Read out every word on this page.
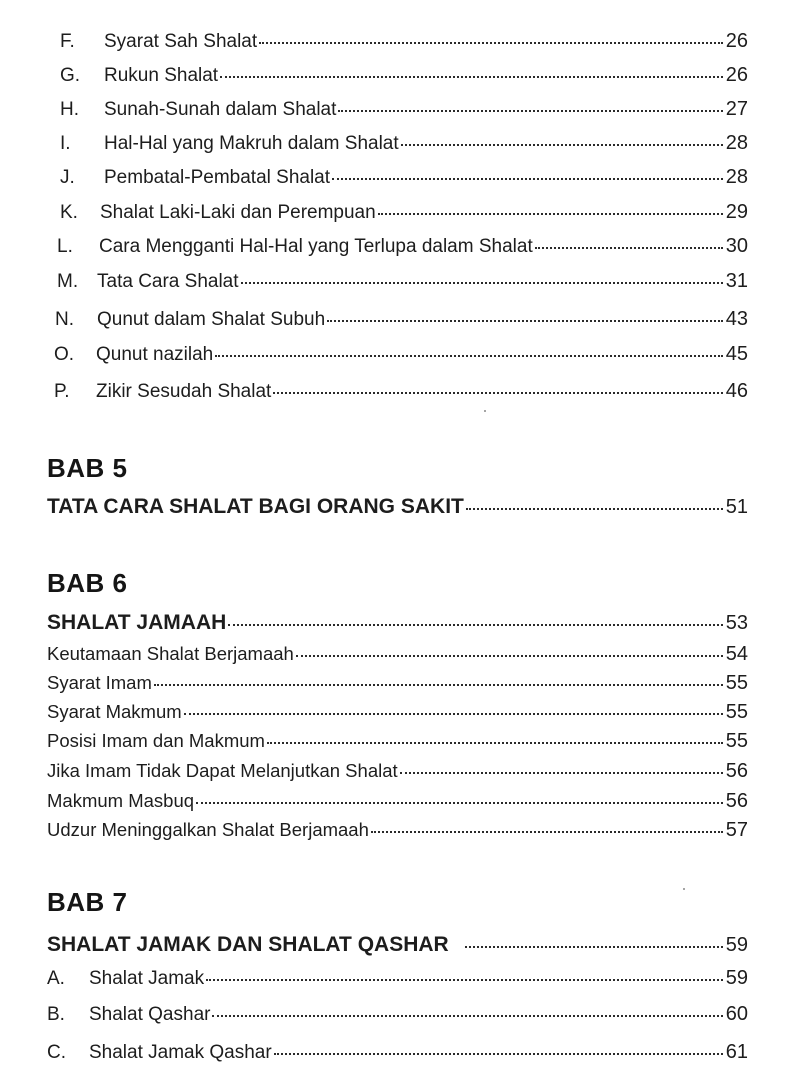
F.	Syarat Sah Shalat	26
G.	Rukun Shalat	26
H.	Sunah-Sunah dalam Shalat	27
I.	Hal-Hal yang Makruh dalam Shalat	28
J.	Pembatal-Pembatal Shalat	28
K.	Shalat Laki-Laki dan Perempuan	29
L.	Cara Mengganti Hal-Hal yang Terlupa dalam Shalat	30
M. Tata Cara Shalat	31
N.	Qunut dalam Shalat Subuh	43
O.	Qunut nazilah	45
P.	Zikir Sesudah Shalat	46
BAB 5
TATA CARA SHALAT BAGI ORANG SAKIT	51
BAB 6
SHALAT JAMAAH	53
Keutamaan Shalat Berjamaah	54
Syarat Imam	55
Syarat Makmum	55
Posisi Imam dan Makmum	55
Jika Imam Tidak Dapat Melanjutkan Shalat	56
Makmum Masbuq	56
Udzur Meninggalkan Shalat Berjamaah	57
BAB 7
SHALAT JAMAK DAN SHALAT QASHAR	59
A.	Shalat Jamak	59
B.	Shalat Qashar	60
C.	Shalat Jamak Qashar	61
